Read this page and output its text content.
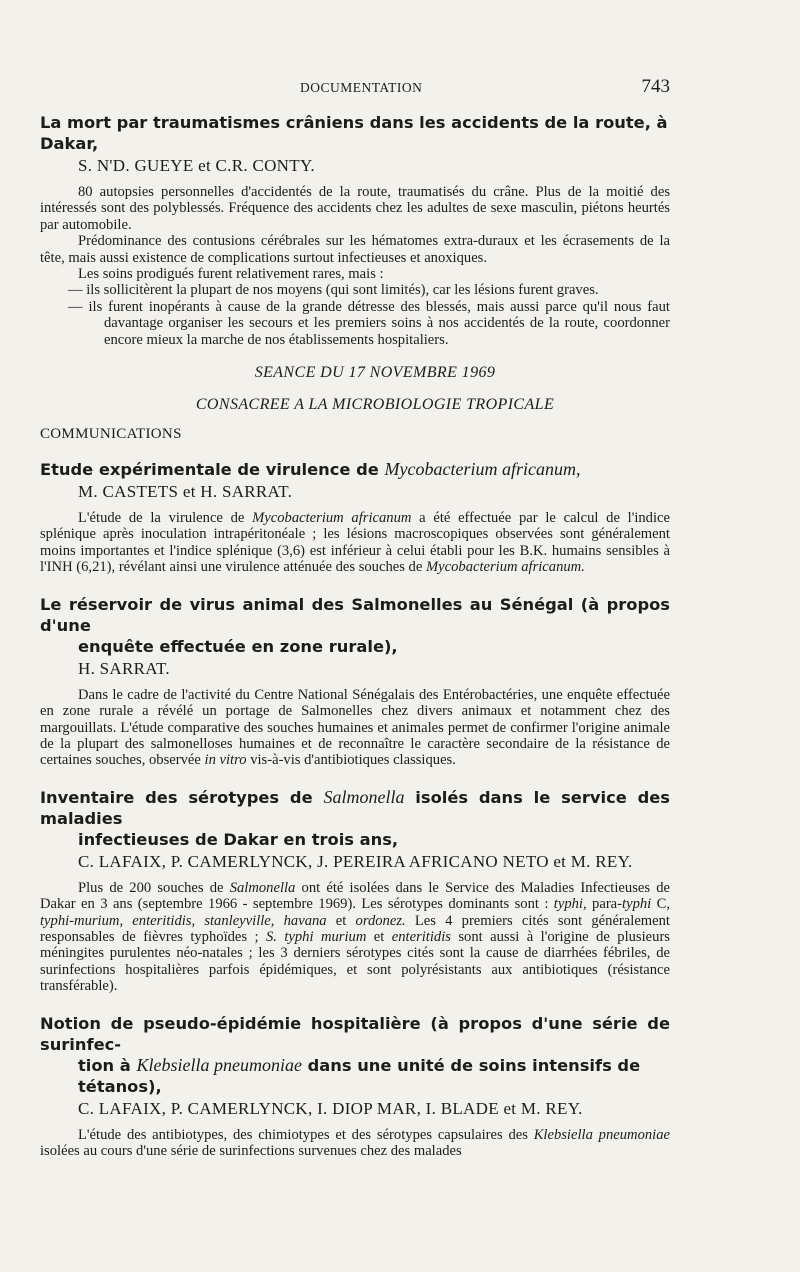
DOCUMENTATION	743
La mort par traumatismes crâniens dans les accidents de la route, à
Dakar,
S. N'D. GUEYE et C.R. CONTY.

80 autopsies personnelles d'accidentés de la route, traumatisés du crâne. Plus de la moitié des intéressés sont des polyblessés. Fréquence des accidents chez les adultes de sexe masculin, piétons heurtés par automobile.

Prédominance des contusions cérébrales sur les hématomes extra-duraux et les écrasements de la tête, mais aussi existence de complications surtout infectieuses et anoxiques.

Les soins prodigués furent relativement rares, mais :

— ils sollicitèrent la plupart de nos moyens (qui sont limités), car les lésions furent graves.

— ils furent inopérants à cause de la grande détresse des blessés, mais aussi parce qu'il nous faut davantage organiser les secours et les premiers soins à nos accidentés de la route, coordonner encore mieux la marche de nos établissements hospitaliers.

SEANCE DU 17 NOVEMBRE 1969
CONSACREE A LA MICROBIOLOGIE TROPICALE
COMMUNICATIONS
Etude expérimentale de virulence de Mycobacterium africanum,
M. CASTETS et H. SARRAT.

L'étude de la virulence de Mycobacterium africanum a été effectuée par le calcul de l'indice splénique après inoculation intrapéritonéale ; les lésions macroscopiques observées sont généralement moins importantes et l'indice splénique (3,6) est inférieur à celui établi pour les B.K. humains sensibles à l'INH (6,21), révélant ainsi une virulence atténuée des souches de Mycobacterium africanum.

Le réservoir de virus animal des Salmonelles au Sénégal (à propos d'une
enquête effectuée en zone rurale),
H. SARRAT.

Dans le cadre de l'activité du Centre National Sénégalais des Entérobactéries, une enquête effectuée en zone rurale a révélé un portage de Salmonelles chez divers animaux et notamment chez des margouillats. L'étude comparative des souches humaines et animales permet de confirmer l'origine animale de la plupart des salmonelloses humaines et de reconnaître le caractère secondaire de la résistance de certaines souches, observée in vitro vis-à-vis d'antibiotiques classiques.

Inventaire des sérotypes de Salmonella isolés dans le service des maladies
infectieuses de Dakar en trois ans,
C. LAFAIX, P. CAMERLYNCK, J. PEREIRA AFRICANO NETO et M. REY.

Plus de 200 souches de Salmonella ont été isolées dans le Service des Maladies Infectieuses de Dakar en 3 ans (septembre 1966 - septembre 1969). Les sérotypes dominants sont : typhi, para-typhi C, typhi-murium, enteritidis, stanleyville, havana et ordonez. Les 4 premiers cités sont généralement responsables de fièvres typhoïdes ; S. typhi murium et enteritidis sont aussi à l'origine de plusieurs méningites purulentes néo-natales ; les 3 derniers sérotypes cités sont la cause de diarrhées fébriles, de surinfections hospitalières parfois épidémiques, et sont polyrésistants aux antibiotiques (résistance transférable).

Notion de pseudo-épidémie hospitalière (à propos d'une série de surinfec-
tion à Klebsiella pneumoniae dans une unité de soins intensifs de
tétanos),
C. LAFAIX, P. CAMERLYNCK, I. DIOP MAR, I. BLADE et M. REY.

L'étude des antibiotypes, des chimiotypes et des sérotypes capsulaires des Klebsiella pneumoniae isolées au cours d'une série de surinfections survenues chez des malades
